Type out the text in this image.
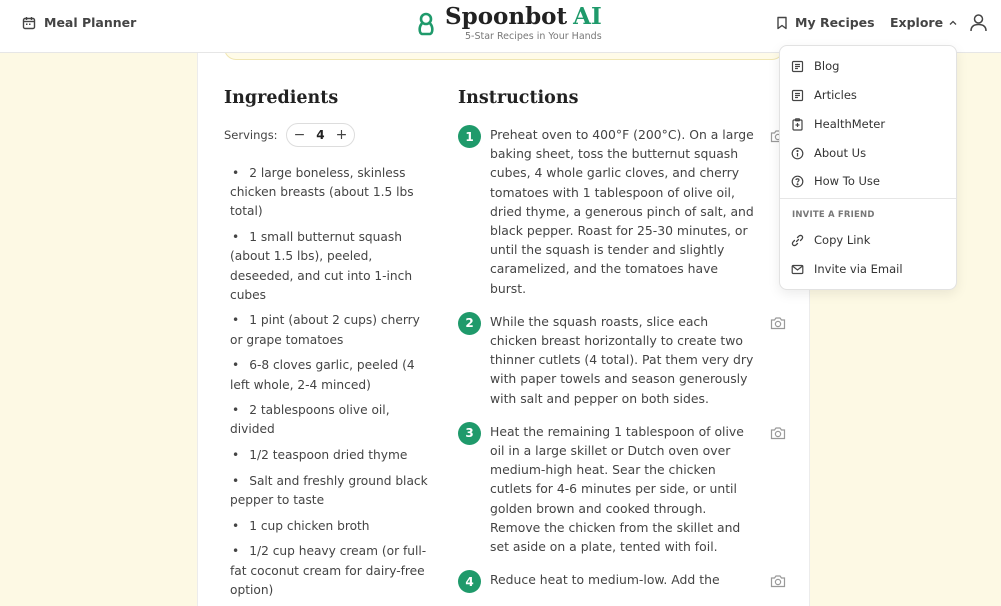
Meal Planner	Spoonbot AI
5-Star Recipes in Your Hands
My Recipes Explore
Ingredients
Servings: − 4 +
• 2 large boneless, skinless chicken breasts (about 1.5 lbs total)
• 1 small butternut squash (about 1.5 lbs), peeled, deseeded, and cut into 1-inch cubes
• 1 pint (about 2 cups) cherry or grape tomatoes
• 6-8 cloves garlic, peeled (4 left whole, 2-4 minced)
• 2 tablespoons olive oil, divided
• 1/2 teaspoon dried thyme
• Salt and freshly ground black pepper to taste
• 1 cup chicken broth
• 1/2 cup heavy cream (or full-fat coconut cream for dairy-free option)
Instructions
1	Preheat oven to 400°F (200°C). On a large baking sheet, toss the butternut squash cubes, 4 whole garlic cloves, and cherry tomatoes with 1 tablespoon of olive oil, dried thyme, a generous pinch of salt, and black pepper. Roast for 25-30 minutes, or until the squash is tender and slightly caramelized, and the tomatoes have burst.
2	While the squash roasts, slice each chicken breast horizontally to create two thinner cutlets (4 total). Pat them very dry with paper towels and season generously with salt and pepper on both sides.
3	Heat the remaining 1 tablespoon of olive oil in a large skillet or Dutch oven over medium-high heat. Sear the chicken cutlets for 4-6 minutes per side, or until golden brown and cooked through. Remove the chicken from the skillet and set aside on a plate, tented with foil.
4	Reduce heat to medium-low. Add the
Blog
Articles
HealthMeter
About Us
How To Use
INVITE A FRIEND
Copy Link
Invite via Email
